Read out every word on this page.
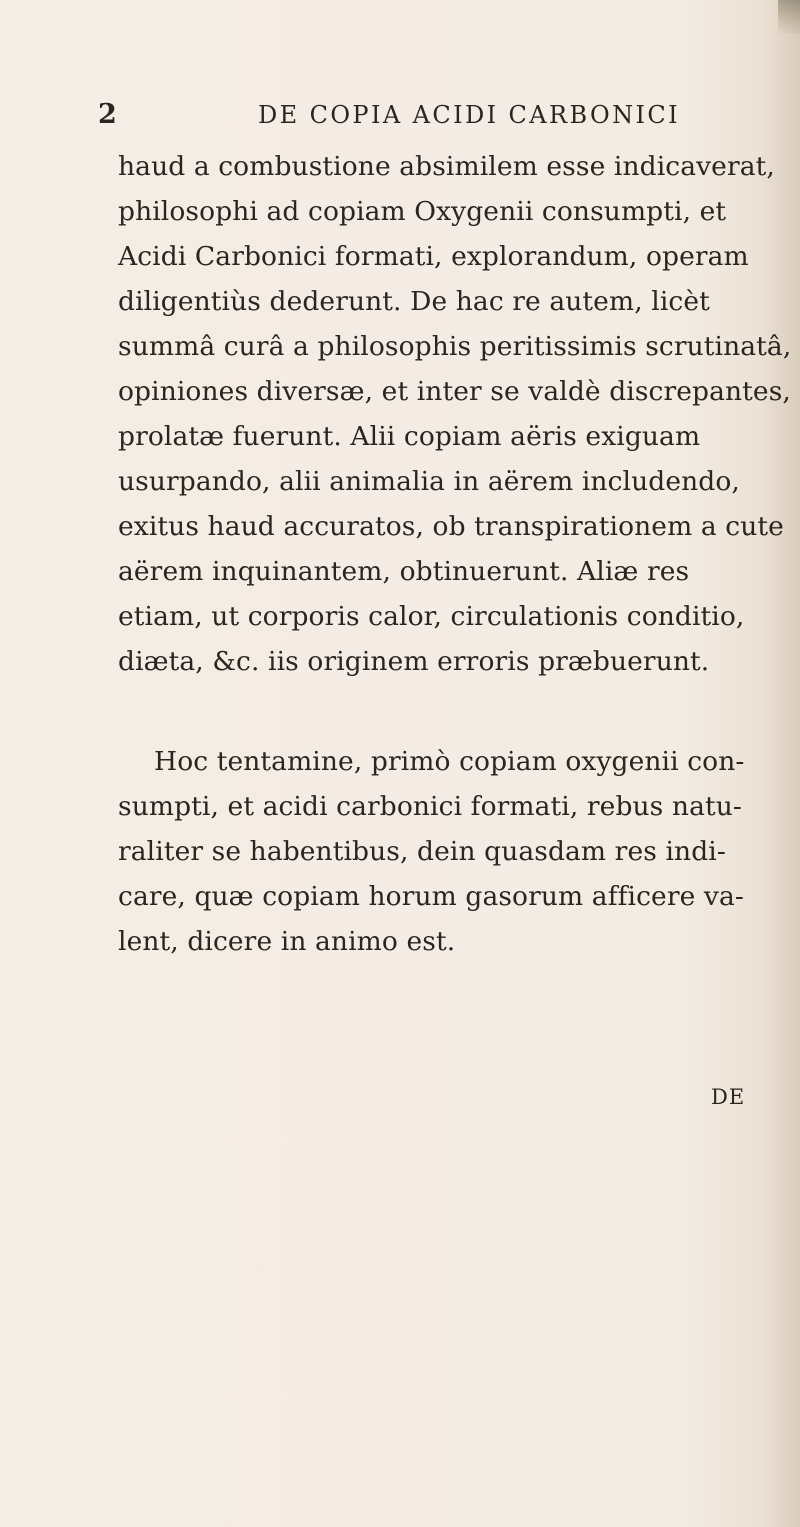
2	DE COPIA ACIDI CARBONICI
haud a combustione absimilem esse indicaverat,
philosophi ad copiam Oxygenii consumpti, et
Acidi Carbonici formati, explorandum, operam
diligentiùs dederunt. De hac re autem, licèt
summâ curâ a philosophis peritissimis scrutinatâ,
opiniones diversæ, et inter se valdè discrepantes,
prolatæ fuerunt. Alii copiam aëris exiguam
usurpando, alii animalia in aërem includendo,
exitus haud accuratos, ob transpirationem a cute
aërem inquinantem, obtinuerunt. Aliæ res
etiam, ut corporis calor, circulationis conditio,
diæta, &c. iis originem erroris præbuerunt.
Hoc tentamine, primò copiam oxygenii con-
sumpti, et acidi carbonici formati, rebus natu-
raliter se habentibus, dein quasdam res indi-
care, quæ copiam horum gasorum afficere va-
lent, dicere in animo est.
DE
